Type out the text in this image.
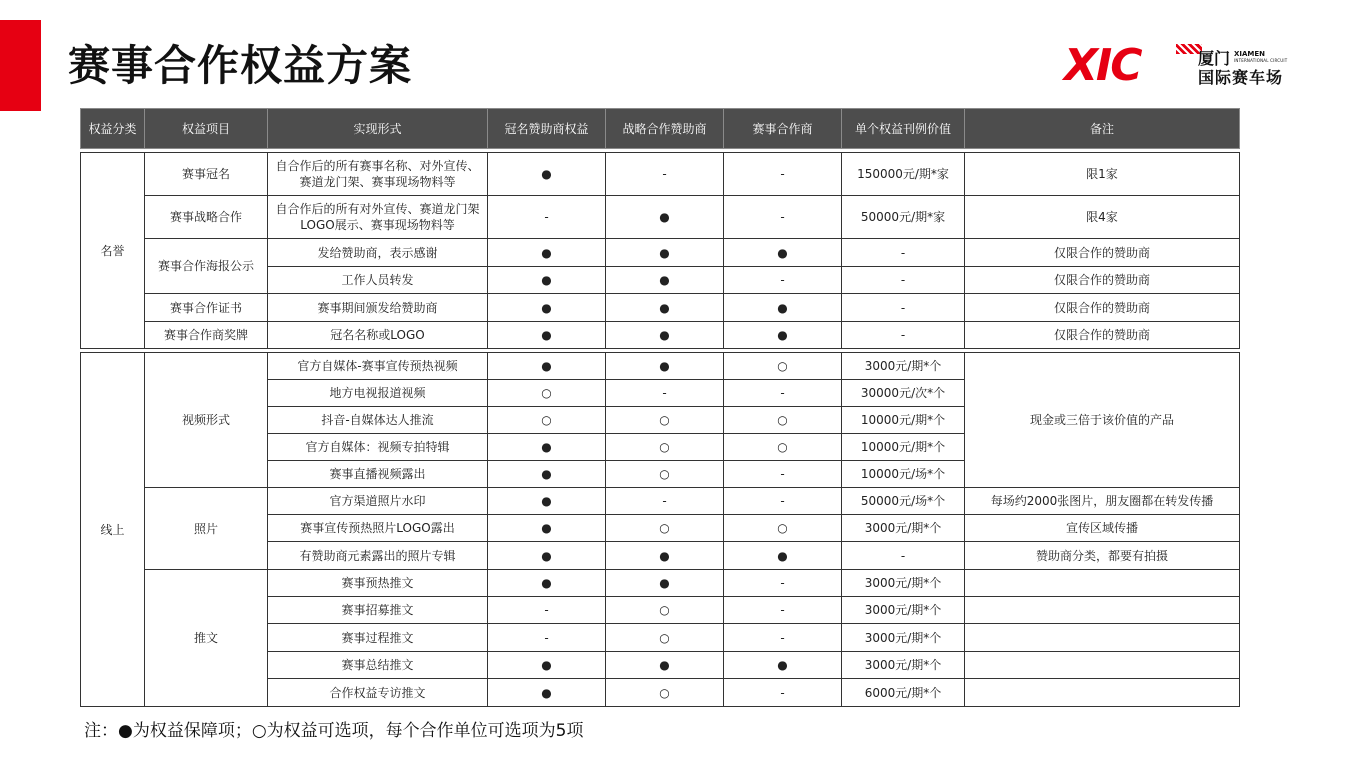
赛事合作权益方案	XIC	厦门 XIAMEN
INTERNATIONAL CIRCUIT
国际赛车场
权益分类	权益项目	实现形式	冠名赞助商权益	战略合作赞助商	赛事合作商	单个权益刊例价值	备注

名誉	赛事冠名	自合作后的所有赛事名称、对外宣传、赛道龙门架、赛事现场物料等	●	-	-	150000元/期*家	限1家
	赛事战略合作	自合作后的所有对外宣传、赛道龙门架LOGO展示、赛事现场物料等	-	●	-	50000元/期*家	限4家
	赛事合作海报公示	发给赞助商，表示感谢	●	●	●	-	仅限合作的赞助商
		工作人员转发	●	●	-	-	仅限合作的赞助商
	赛事合作证书	赛事期间颁发给赞助商	●	●	●	-	仅限合作的赞助商
	赛事合作商奖牌	冠名名称或LOGO	●	●	●	-	仅限合作的赞助商

线上	视频形式	官方自媒体-赛事宣传预热视频	●	●	○	3000元/期*个	现金或三倍于该价值的产品
		地方电视报道视频	○	-	-	30000元/次*个	
		抖音-自媒体达人推流	○	○	○	10000元/期*个	
		官方自媒体：视频专拍特辑	●	○	○	10000元/期*个	
		赛事直播视频露出	●	○	-	10000元/场*个	
	照片	官方渠道照片水印	●	-	-	50000元/场*个	每场约2000张图片，朋友圈都在转发传播
		赛事宣传预热照片LOGO露出	●	○	○	3000元/期*个	宣传区域传播
		有赞助商元素露出的照片专辑	●	●	●	-	赞助商分类，都要有拍摄
	推文	赛事预热推文	●	●	-	3000元/期*个	
		赛事招募推文	-	○	-	3000元/期*个	
		赛事过程推文	-	○	-	3000元/期*个	
		赛事总结推文	●	●	●	3000元/期*个	
		合作权益专访推文	●	○	-	6000元/期*个	
注：●为权益保障项；○为权益可选项，每个合作单位可选项为5项
